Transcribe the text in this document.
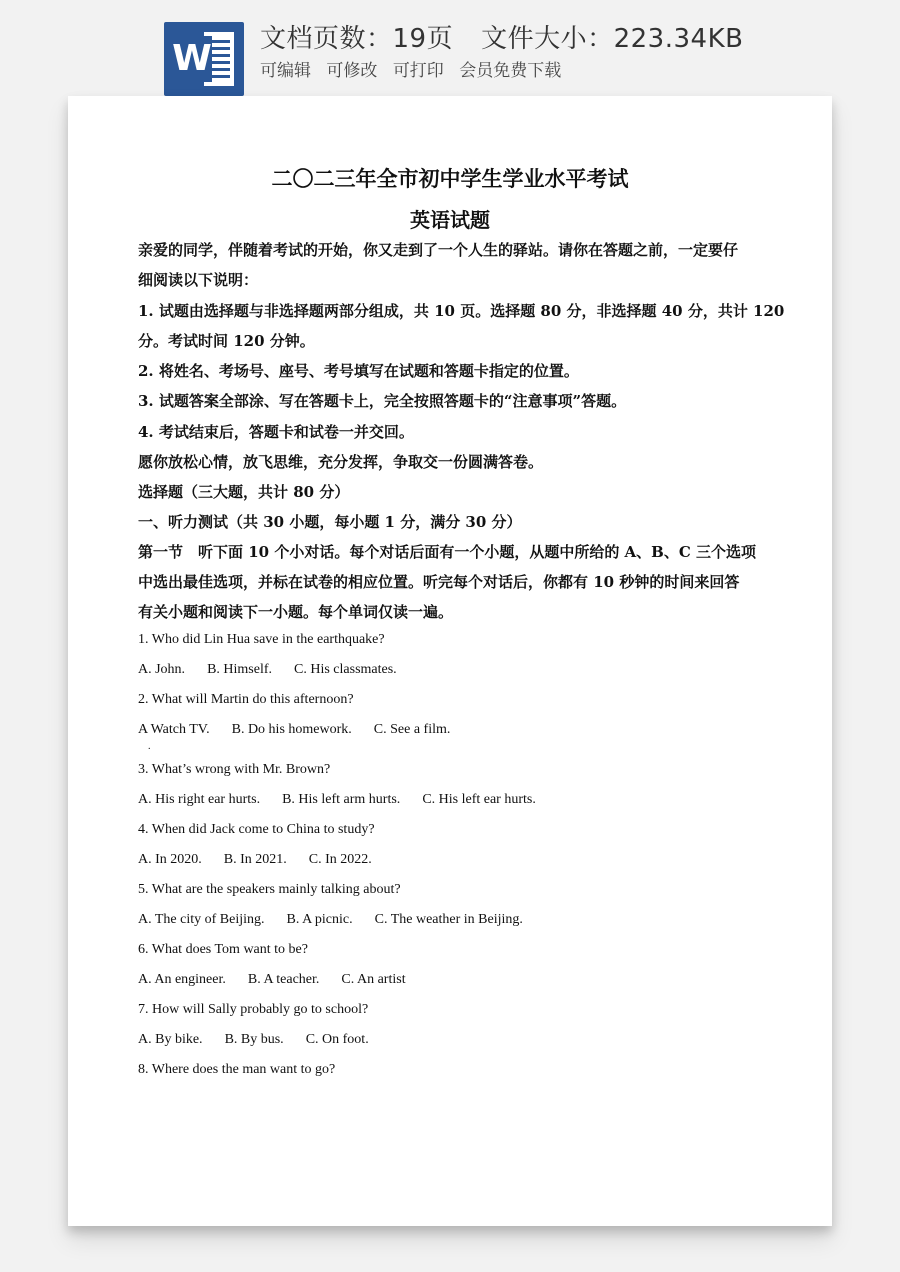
W 文档页数：19页 文件大小：223.34KB
可编辑 可修改 可打印 会员免费下载
二〇二三年全市初中学生学业水平考试
英语试题
亲爱的同学，伴随着考试的开始，你又走到了一个人生的驿站。请你在答题之前，一定要仔
细阅读以下说明：
1. 试题由选择题与非选择题两部分组成，共 10 页。选择题 80 分，非选择题 40 分，共计 120
分。考试时间 120 分钟。
2. 将姓名、考场号、座号、考号填写在试题和答题卡指定的位置。
3. 试题答案全部涂、写在答题卡上，完全按照答题卡的“注意事项”答题。
4. 考试结束后，答题卡和试卷一并交回。
愿你放松心情，放飞思维，充分发挥，争取交一份圆满答卷。
选择题（三大题，共计 80 分）
一、听力测试（共 30 小题，每小题 1 分，满分 30 分）
第一节　听下面 10 个小对话。每个对话后面有一个小题，从题中所给的 A、B、C 三个选项
中选出最佳选项，并标在试卷的相应位置。听完每个对话后，你都有 10 秒钟的时间来回答
有关小题和阅读下一小题。每个单词仅读一遍。
1. Who did Lin Hua save in the earthquake?
A. John. B. Himself. C. His classmates.
2. What will Martin do this afternoon?
A Watch TV. B. Do his homework. C. See a film.
.
3. What’s wrong with Mr. Brown?
A. His right ear hurts. B. His left arm hurts. C. His left ear hurts.
4. When did Jack come to China to study?
A. In 2020. B. In 2021. C. In 2022.
5. What are the speakers mainly talking about?
A. The city of Beijing. B. A picnic. C. The weather in Beijing.
6. What does Tom want to be?
A. An engineer. B. A teacher. C. An artist
7. How will Sally probably go to school?
A. By bike. B. By bus. C. On foot.
8. Where does the man want to go?
